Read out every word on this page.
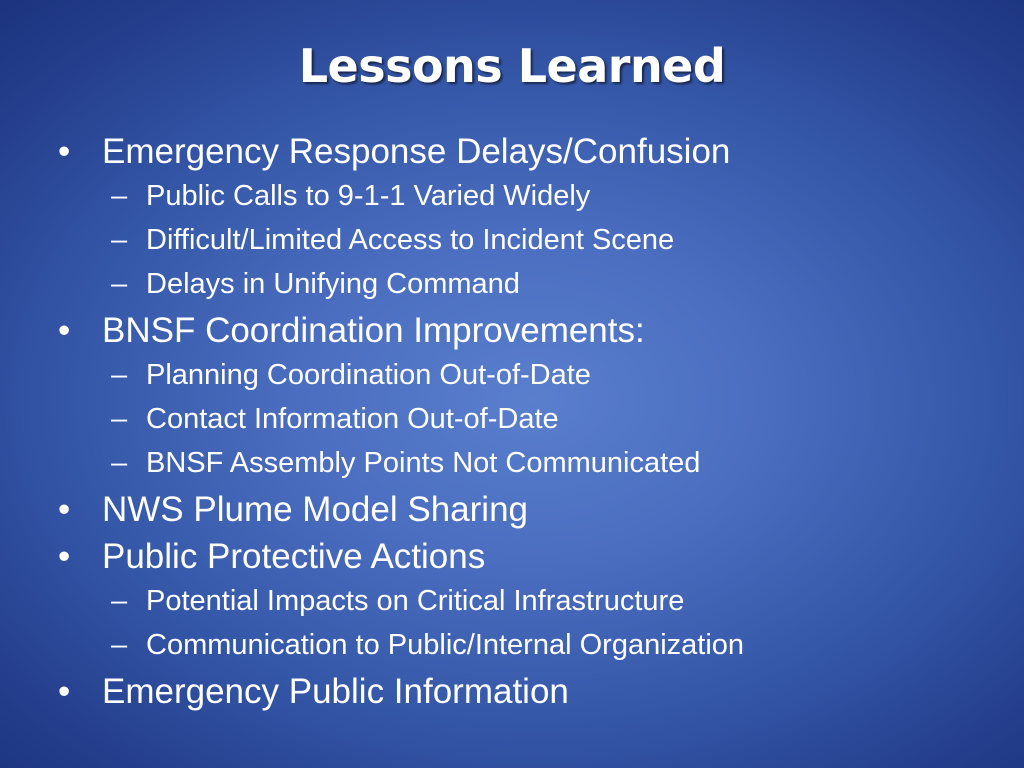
Lessons Learned
• Emergency Response Delays/Confusion
– Public Calls to 9-1-1 Varied Widely
– Difficult/Limited Access to Incident Scene
– Delays in Unifying Command
• BNSF Coordination Improvements:
– Planning Coordination Out-of-Date
– Contact Information Out-of-Date
– BNSF Assembly Points Not Communicated
• NWS Plume Model Sharing
• Public Protective Actions
– Potential Impacts on Critical Infrastructure
– Communication to Public/Internal Organization
• Emergency Public Information
